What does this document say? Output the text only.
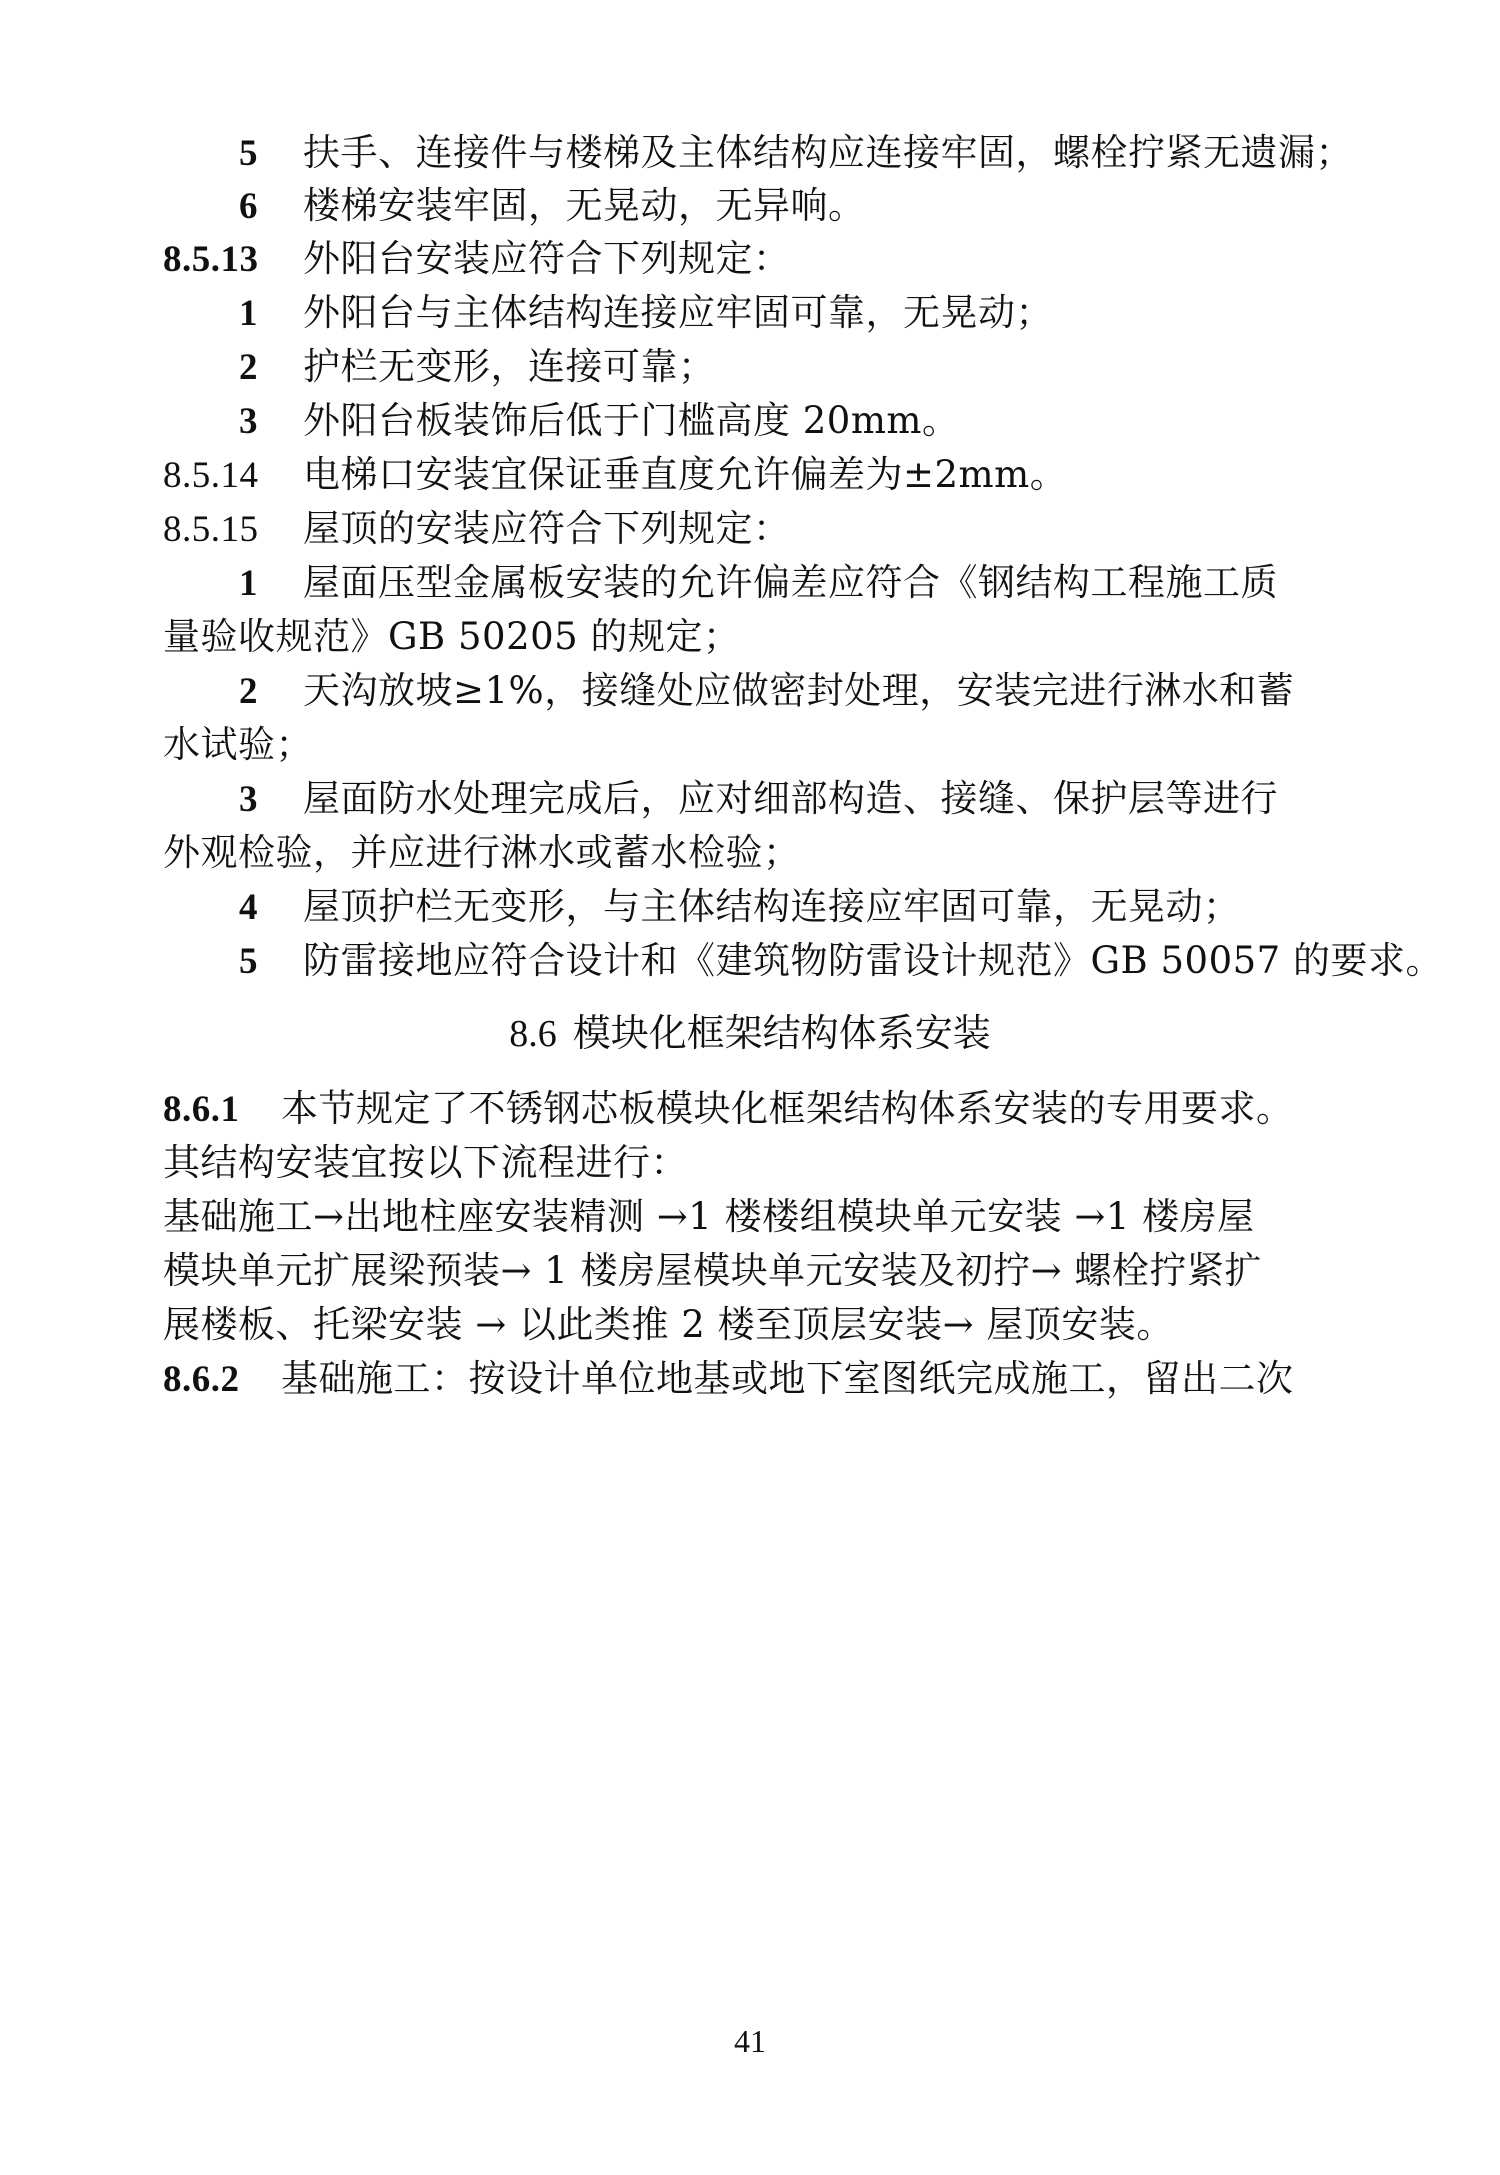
5 扶手、连接件与楼梯及主体结构应连接牢固，螺栓拧紧无遗漏；
6 楼梯安装牢固，无晃动，无异响。
8.5.13 外阳台安装应符合下列规定：
1 外阳台与主体结构连接应牢固可靠，无晃动；
2 护栏无变形，连接可靠；
3 外阳台板装饰后低于门槛高度 20mm。
8.5.14 电梯口安装宜保证垂直度允许偏差为±2mm。
8.5.15 屋顶的安装应符合下列规定：
1 屋面压型金属板安装的允许偏差应符合《钢结构工程施工质
量验收规范》GB 50205 的规定；
2 天沟放坡≥1%，接缝处应做密封处理，安装完进行淋水和蓄
水试验；
3 屋面防水处理完成后，应对细部构造、接缝、保护层等进行
外观检验，并应进行淋水或蓄水检验；
4 屋顶护栏无变形，与主体结构连接应牢固可靠，无晃动；
5 防雷接地应符合设计和《建筑物防雷设计规范》GB 50057 的要求。
8.6 模块化框架结构体系安装
8.6.1 本节规定了不锈钢芯板模块化框架结构体系安装的专用要求。
其结构安装宜按以下流程进行：
基础施工→出地柱座安装精测 →1 楼楼组模块单元安装 →1 楼房屋
模块单元扩展梁预装→ 1 楼房屋模块单元安装及初拧→ 螺栓拧紧扩
展楼板、托梁安装 → 以此类推 2 楼至顶层安装→ 屋顶安装。
8.6.2 基础施工：按设计单位地基或地下室图纸完成施工，留出二次
41
